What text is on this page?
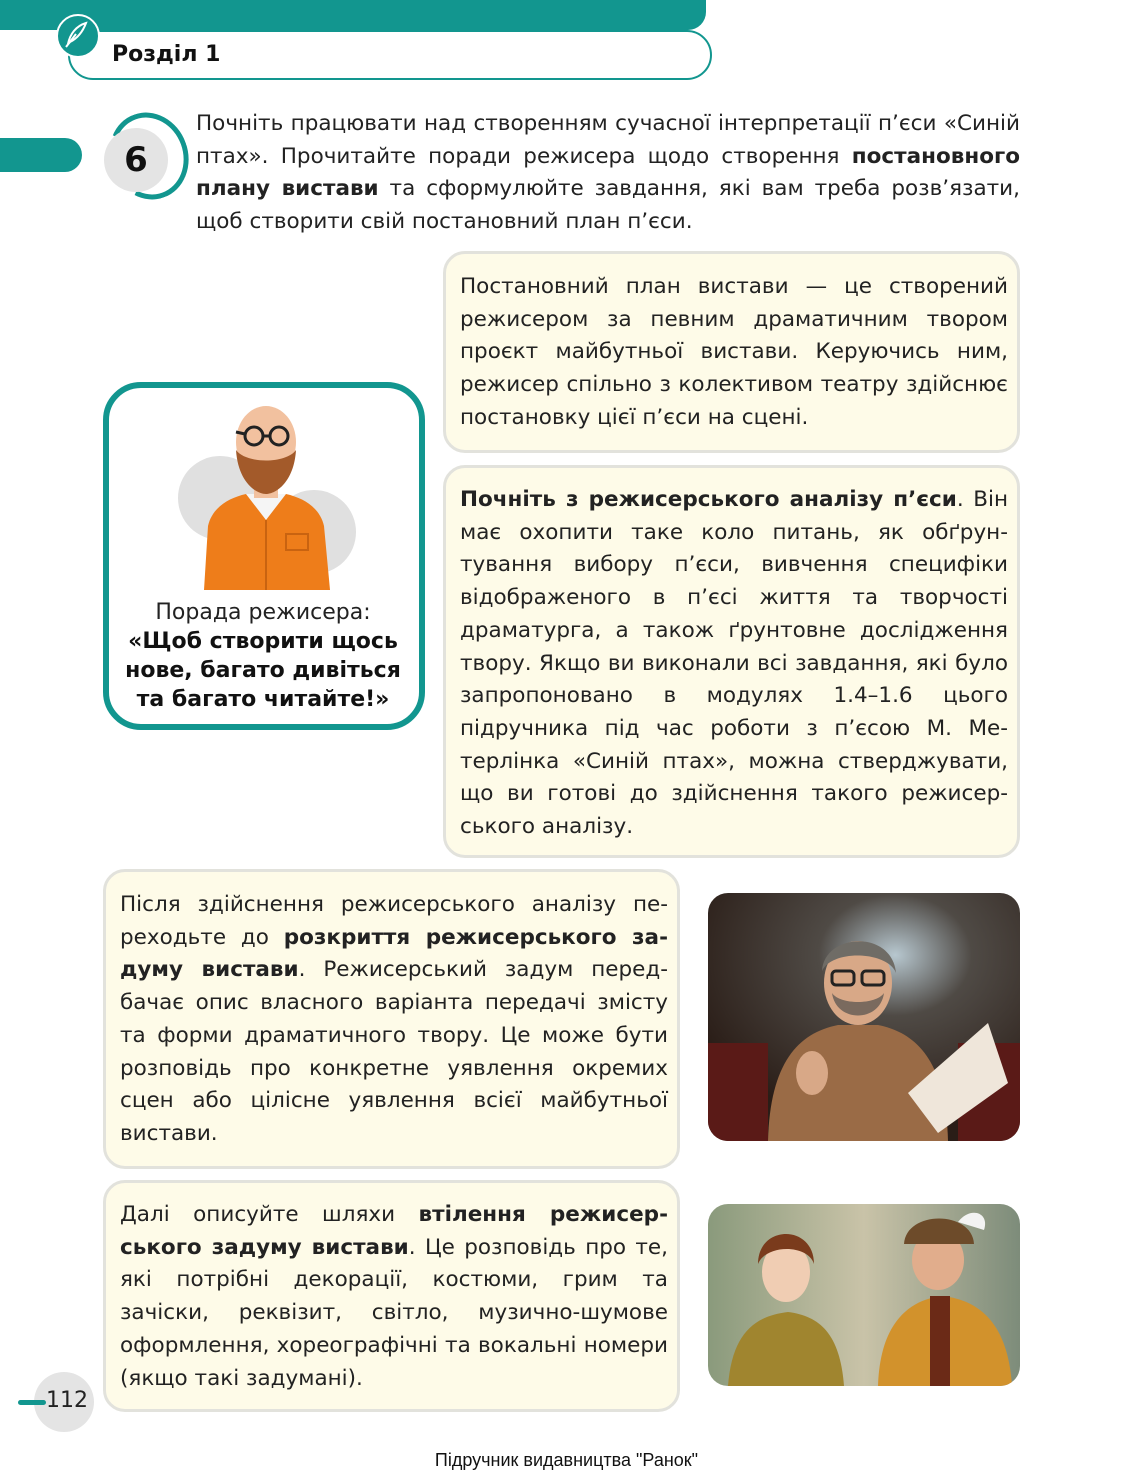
Розділ 1
6
Почніть працювати над створенням сучасної інтерпретації п’єси «Синій птах». Прочитайте поради режисера щодо створення постановного плану вистави та сформулюйте завдання, які вам треба розв’язати, щоб створити свій постановний план п’єси.

Постановний план вистави — це створений режисером за певним драматичним твором проєкт майбутньої вистави. Керуючись ним, режисер спільно з колективом театру здійснює постановку цієї п’єси на сцені.

Порада режисера:
«Щоб створити щось нове, багато дивіться та багато читайте!»

Почніть з режисерського аналізу п’єси. Він має охопити таке коло питань, як обґрунтування вибору п’єси, вивчення специфіки відображеного в п’єсі життя та творчості драматурга, а також ґрунтовне дослідження твору. Якщо ви виконали всі завдання, які було запропоновано в модулях 1.4–1.6 цього підручника під час роботи з п’єсою М. Метерлінка «Синій птах», можна стверджувати, що ви готові до здійснення такого режисерського аналізу.

Після здійснення режисерського аналізу переходьте до розкриття режисерського задуму вистави. Режисерський задум передбачає опис власного варіанта передачі змісту та форми драматичного твору. Це може бути розповідь про конкретне уявлення окремих сцен або цілісне уявлення всієї майбутньої вистави.

Далі описуйте шляхи втілення режисерського задуму вистави. Це розповідь про те, які потрібні декорації, костюми, грим та зачіски, реквізит, світло, музично-шумове оформлення, хореографічні та вокальні номери (якщо такі задумані).

112
Підручник видавництва "Ранок"
